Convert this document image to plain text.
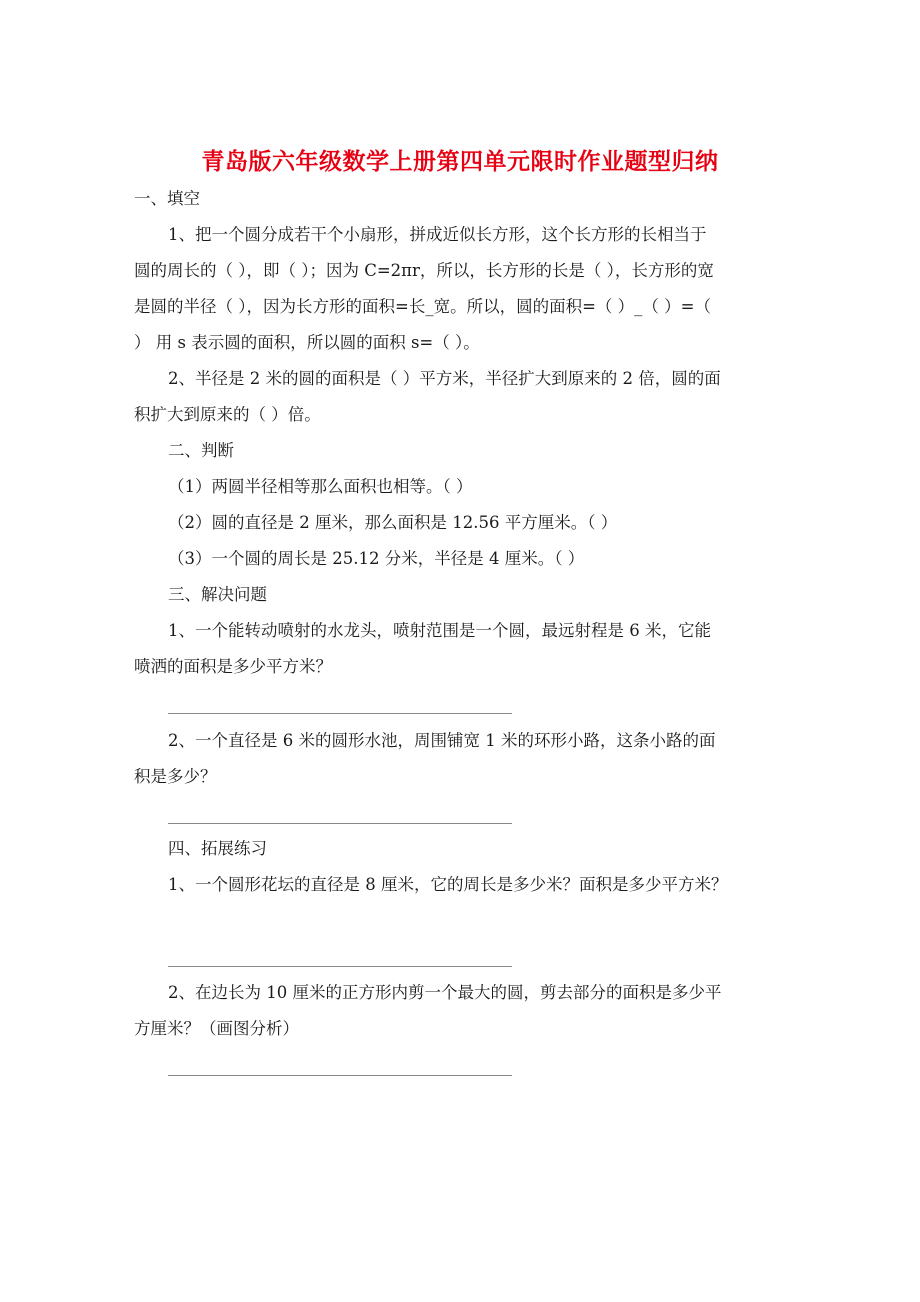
青岛版六年级数学上册第四单元限时作业题型归纳
一、填空
1、把一个圆分成若干个小扇形，拼成近似长方形，这个长方形的长相当于
圆的周长的（ ），即（ ）；因为 C=2πr，所以，长方形的长是（ ），长方形的宽
是圆的半径（ ），因为长方形的面积=长_宽。所以，圆的面积=（ ）_（ ）=（
） 用 s 表示圆的面积，所以圆的面积 s=（ ）。
2、半径是 2 米的圆的面积是（ ）平方米，半径扩大到原来的 2 倍，圆的面
积扩大到原来的（ ）倍。
二、判断
（1）两圆半径相等那么面积也相等。（ ）
（2）圆的直径是 2 厘米，那么面积是 12.56 平方厘米。（ ）
（3）一个圆的周长是 25.12 分米，半径是 4 厘米。（ ）
三、解决问题
1、一个能转动喷射的水龙头，喷射范围是一个圆，最远射程是 6 米，它能
喷洒的面积是多少平方米？
2、一个直径是 6 米的圆形水池，周围铺宽 1 米的环形小路，这条小路的面
积是多少？
四、拓展练习
1、一个圆形花坛的直径是 8 厘米，它的周长是多少米？面积是多少平方米？
2、在边长为 10 厘米的正方形内剪一个最大的圆，剪去部分的面积是多少平
方厘米？（画图分析）
